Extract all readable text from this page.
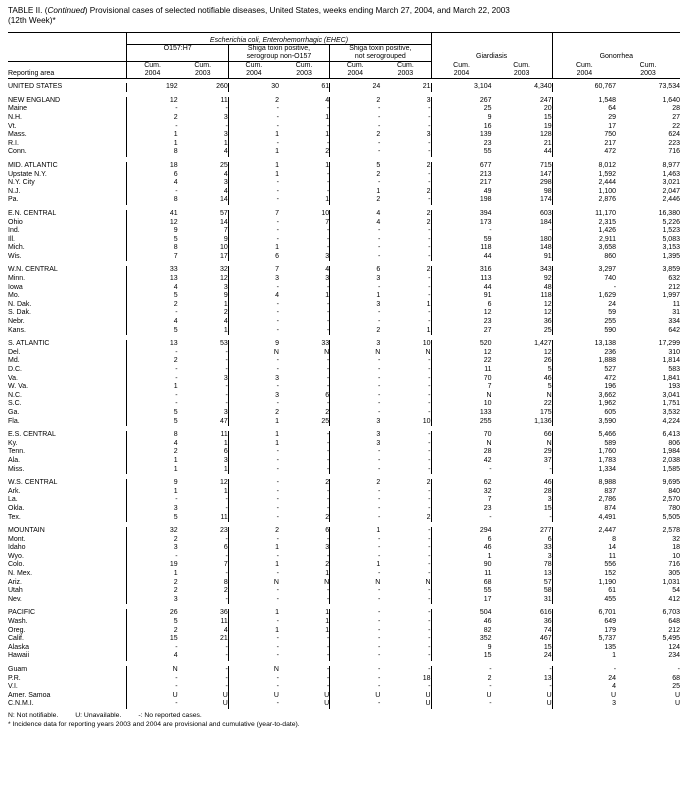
TABLE II. (Continued) Provisional cases of selected notifiable diseases, United States, weeks ending March 27, 2004, and March 22, 2003
(12th Week)*
	Escherichia coli, Enterohemorrhagic (EHEC)									
	O157:H7		Shiga toxin positive,		Shiga toxin positive,		Giardiasis		Gonorrhea	
			serogroup non-O157		not serogrouped					
	Cum.	Cum.	Cum.	Cum.	Cum.	Cum.	Cum.	Cum.	Cum.	Cum.
Reporting area	2004	2003	2004	2003	2004	2003	2004	2003	2004	2003

UNITED STATES	192	260	30	61	24	21	3,104	4,340	60,767	73,534

NEW ENGLAND	12	11	2	4	2	3	267	247	1,548	1,640
Maine	-	-	-	-	-	-	25	20	64	28
N.H.	2	3	-	1	-	-	9	15	29	27
Vt.	-	-	-	-	-	-	16	19	17	22
Mass.	1	3	1	1	2	3	139	128	750	624
R.I.	1	1	-	-	-	-	23	21	217	223
Conn.	8	4	1	2	-	-	55	44	472	716

MID. ATLANTIC	18	25	1	1	5	2	677	715	8,012	8,977
Upstate N.Y.	6	4	1	-	2	-	213	147	1,592	1,463
N.Y. City	4	3	-	-	-	-	217	298	2,444	3,021
N.J.	-	4	-	-	1	2	49	98	1,100	2,047
Pa.	8	14	-	1	2	-	198	174	2,876	2,446

E.N. CENTRAL	41	57	7	10	4	2	394	603	11,170	16,380
Ohio	12	14	-	7	4	2	173	184	2,315	5,226
Ind.	9	7	-	-	-	-	-	-	1,426	1,523
Ill.	5	9	-	-	-	-	59	180	2,911	5,083
Mich.	8	10	1	-	-	-	118	148	3,658	3,153
Wis.	7	17	6	3	-	-	44	91	860	1,395

W.N. CENTRAL	33	32	7	4	6	2	316	343	3,297	3,859
Minn.	13	12	3	3	3	-	113	92	740	632
Iowa	4	3	-	-	-	-	44	48	-	212
Mo.	5	9	4	1	1	-	91	118	1,629	1,997
N. Dak.	2	1	-	-	3	1	6	12	24	11
S. Dak.	-	2	-	-	-	-	12	12	59	31
Nebr.	4	4	-	-	-	-	23	36	255	334
Kans.	5	1	-	-	2	1	27	25	590	642

S. ATLANTIC	13	53	9	33	3	10	520	1,427	13,138	17,299
Del.	-	-	N	N	N	N	12	12	236	310
Md.	2	-	-	-	-	-	22	26	1,888	1,814
D.C.	-	-	-	-	-	-	11	5	527	583
Va.	-	3	3	-	-	-	70	46	472	1,841
W. Va.	1	-	-	-	-	-	7	5	196	193
N.C.	-	-	3	6	-	-	N	N	3,662	3,041
S.C.	-	-	-	-	-	-	10	22	1,962	1,751
Ga.	5	3	2	2	-	-	133	175	605	3,532
Fla.	5	47	1	25	3	10	255	1,136	3,590	4,224

E.S. CENTRAL	8	11	1	-	3	-	70	66	5,466	6,413
Ky.	4	1	1	-	3	-	N	N	589	806
Tenn.	2	6	-	-	-	-	28	29	1,760	1,984
Ala.	1	3	-	-	-	-	42	37	1,783	2,038
Miss.	1	1	-	-	-	-	-	-	1,334	1,585

W.S. CENTRAL	9	12	-	2	2	2	62	46	8,988	9,695
Ark.	1	1	-	-	-	-	32	28	837	840
La.	-	-	-	-	-	-	7	3	2,786	2,570
Okla.	3	-	-	-	-	-	23	15	874	780
Tex.	5	11	-	2	-	2	-	-	4,491	5,505

MOUNTAIN	32	23	2	6	1	-	294	277	2,447	2,578
Mont.	2	-	-	-	-	-	6	6	8	32
Idaho	3	6	1	3	-	-	46	33	14	18
Wyo.	-	-	-	-	-	-	1	3	11	10
Colo.	19	7	1	2	1	-	90	78	556	716
N. Mex.	1	-	-	1	-	-	11	13	152	305
Ariz.	2	8	N	N	N	N	68	57	1,190	1,031
Utah	2	2	-	-	-	-	55	58	61	54
Nev.	3	-	-	-	-	-	17	31	455	412

PACIFIC	26	36	1	1	-	-	504	616	6,701	6,703
Wash.	5	11	-	1	-	-	46	36	649	648
Oreg.	2	4	1	1	-	-	82	74	179	212
Calif.	15	21	-	-	-	-	352	467	5,737	5,495
Alaska	-	-	-	-	-	-	9	15	135	124
Hawaii	4	-	-	-	-	-	15	24	1	234

Guam	N	-	N	-	-	-	-	-	-	-
P.R.	-	-	-	-	-	18	2	13	24	68
V.I.	-	-	-	-	-	-	-	-	4	25
Amer. Samoa	U	U	U	U	U	U	U	U	U	U
C.N.M.I.	-	U	-	U	-	U	-	U	3	U
N: Not notifiable.         U: Unavailable.         -: No reported cases.
* Incidence data for reporting years 2003 and 2004 are provisional and cumulative (year-to-date).
